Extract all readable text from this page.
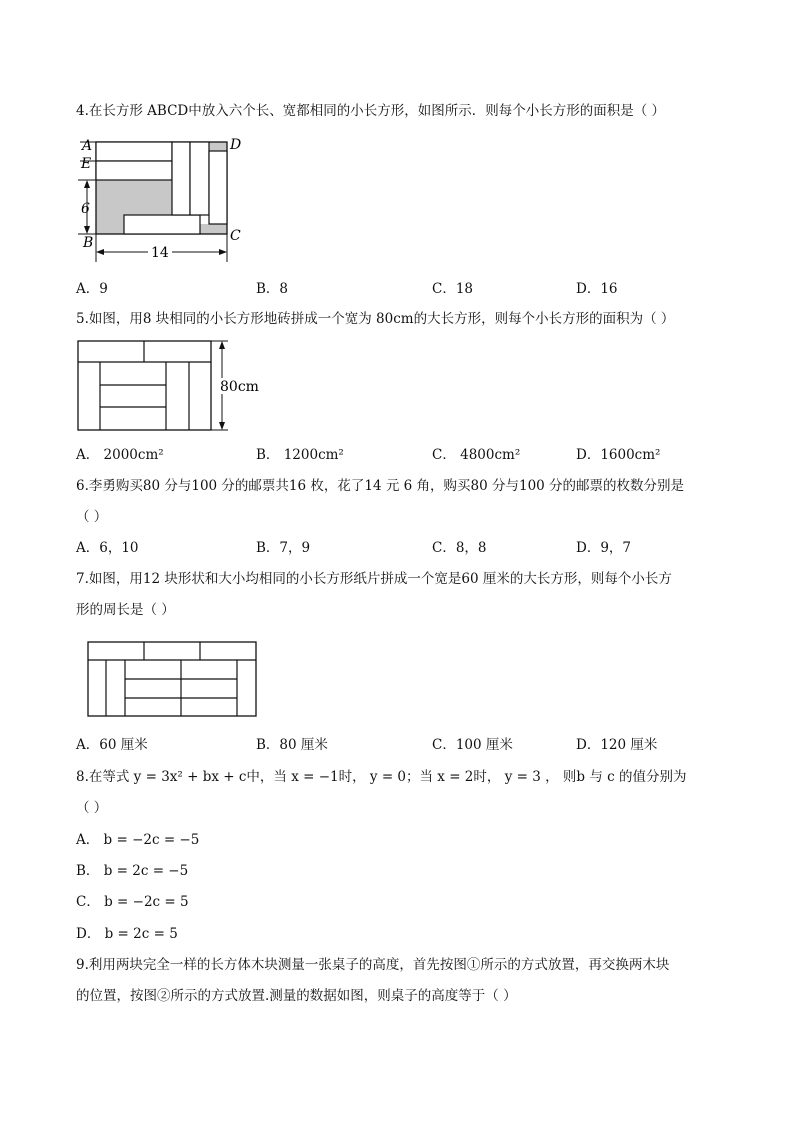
4.在长方形 ABCD中放入六个长、宽都相同的小长方形，如图所示．则每个小长方形的面积是（ ）
A	D
E
6
B	C
14
A．9	B．8	C．18	D．16
5.如图，用8 块相同的小长方形地砖拼成一个宽为 80cm的大长方形，则每个小长方形的面积为（ ）
80cm
A． 2000cm²	B． 1200cm²	C． 4800cm²	D．1600cm²
6.李勇购买80 分与100 分的邮票共16 枚，花了14 元 6 角，购买80 分与100 分的邮票的枚数分别是
（ ）
A．6，10	B．7，9	C．8，8	D．9，7
7.如图，用12 块形状和大小均相同的小长方形纸片拼成一个宽是60 厘米的大长方形，则每个小长方
形的周长是（ ）
A．60 厘米	B．80 厘米	C．100 厘米	D．120 厘米
8.在等式 y = 3x² + bx + c中，当 x = −1时， y = 0；当 x = 2时， y = 3 ， 则b 与 c 的值分别为
（ ）
A． b = −2c = −5
B． b = 2c = −5
C． b = −2c = 5
D． b = 2c = 5
9.利用两块完全一样的长方体木块测量一张桌子的高度，首先按图①所示的方式放置，再交换两木块
的位置，按图②所示的方式放置.测量的数据如图，则桌子的高度等于（ ）
